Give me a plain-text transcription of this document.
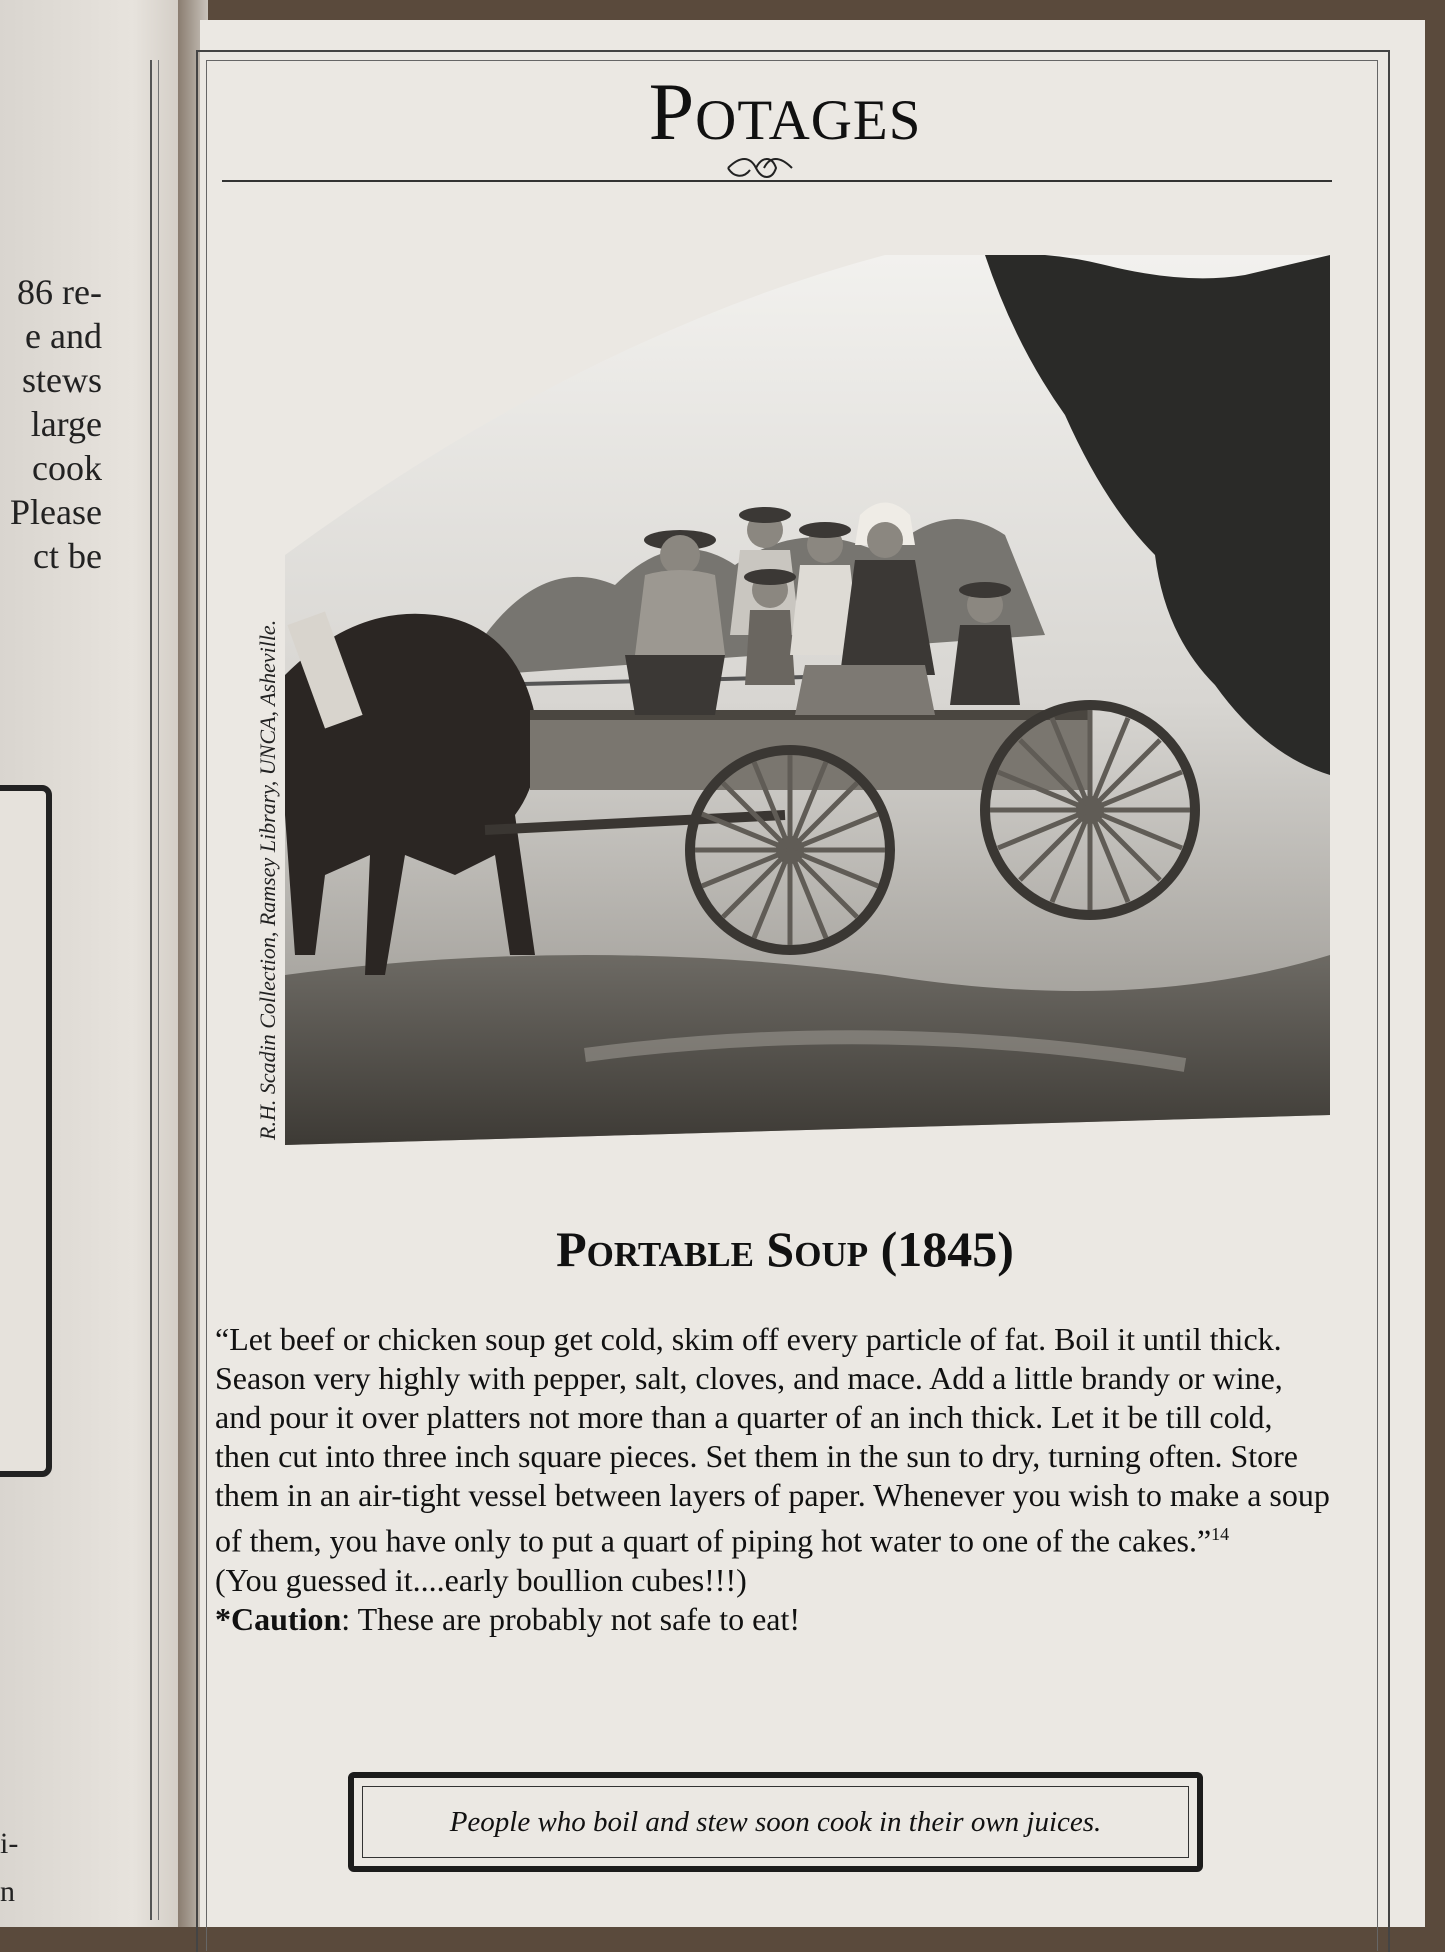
86 re-
e and
stews
large
cook
Please
ct be
i-
n
Potages
R.H. Scadin Collection, Ramsey Library, UNCA, Asheville.
Portable Soup (1845)

“Let beef or chicken soup get cold, skim off every particle of fat. Boil it until thick. Season very highly with pepper, salt, cloves, and mace. Add a little brandy or wine, and pour it over platters not more than a quarter of an inch thick. Let it be till cold, then cut into three inch square pieces. Set them in the sun to dry, turning often. Store them in an air-tight vessel between layers of paper. Whenever you wish to make a soup of them, you have only to put a quart of piping hot water to one of the cakes.”$^{14}$

(You guessed it....early boullion cubes!!!)

*Caution: These are probably not safe to eat!

People who boil and stew soon cook in their own juices.
